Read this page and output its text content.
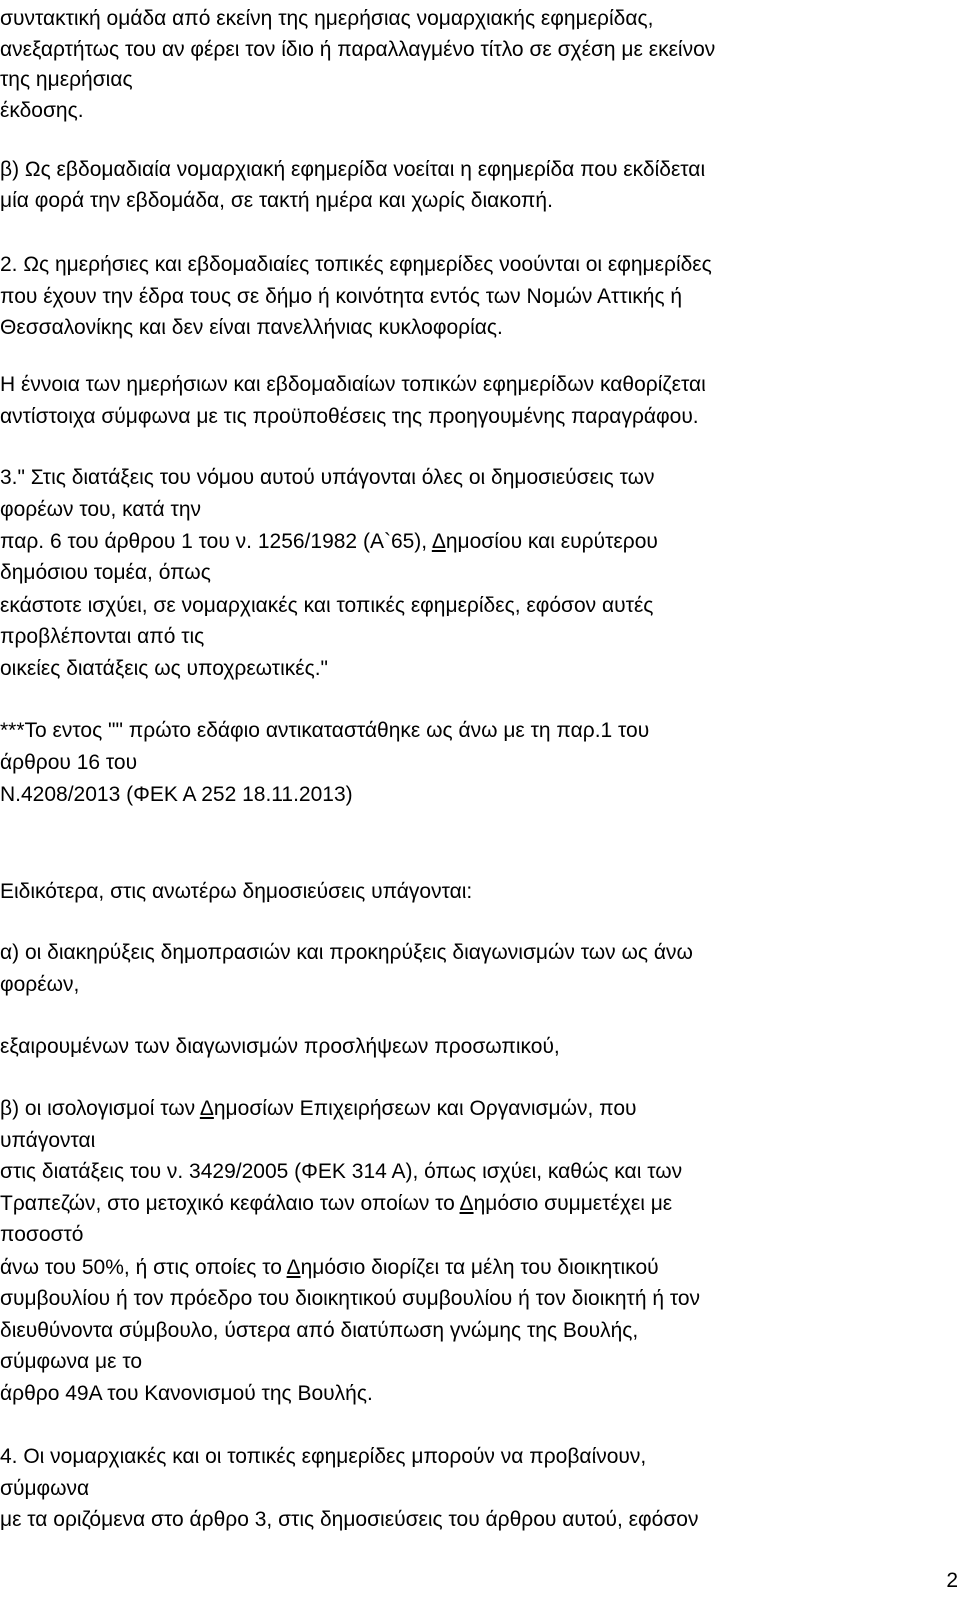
συντακτική ομάδα από εκείνη της ημερήσιας νομαρχιακής εφημερίδας,
ανεξαρτήτως του αν φέρει τον ίδιο ή παραλλαγμένο τίτλο σε σχέση με εκείνον
της ημερήσιας
έκδοσης.
β) Ως εβδομαδιαία νομαρχιακή εφημερίδα νοείται η εφημερίδα που εκδίδεται
μία φορά την εβδομάδα, σε τακτή ημέρα και χωρίς διακοπή.
2. Ως ημερήσιες και εβδομαδιαίες τοπικές εφημερίδες νοούνται οι εφημερίδες
που έχουν την έδρα τους σε δήμο ή κοινότητα εντός των Νομών Αττικής ή
Θεσσαλονίκης και δεν είναι πανελλήνιας κυκλοφορίας.
Η έννοια των ημερήσιων και εβδομαδιαίων τοπικών εφημερίδων καθορίζεται
αντίστοιχα σύμφωνα με τις προϋποθέσεις της προηγουμένης παραγράφου.
3." Στις διατάξεις του νόμου αυτού υπάγονται όλες οι δημοσιεύσεις των
φορέων του, κατά την
παρ. 6 του άρθρου 1 του ν. 1256/1982 (Α`65), Δημοσίου και ευρύτερου
δημόσιου τομέα, όπως
εκάστοτε ισχύει, σε νομαρχιακές και τοπικές εφημερίδες, εφόσον αυτές
προβλέπονται από τις
οικείες διατάξεις ως υποχρεωτικές."
***Το εντος "" πρώτο εδάφιο αντικαταστάθηκε ως άνω με τη παρ.1 του
άρθρου 16 του
Ν.4208/2013 (ΦΕΚ Α 252 18.11.2013)
Ειδικότερα, στις ανωτέρω δημοσιεύσεις υπάγονται:
α) οι διακηρύξεις δημοπρασιών και προκηρύξεις διαγωνισμών των ως άνω
φορέων,
εξαιρουμένων των διαγωνισμών προσλήψεων προσωπικού,
β) οι ισολογισμοί των Δημοσίων Επιχειρήσεων και Οργανισμών, που
υπάγονται
στις διατάξεις του ν. 3429/2005 (ΦΕΚ 314 Α), όπως ισχύει, καθώς και των
Τραπεζών, στο μετοχικό κεφάλαιο των οποίων το Δημόσιο συμμετέχει με
ποσοστό
άνω του 50%, ή στις οποίες το Δημόσιο διορίζει τα μέλη του διοικητικού
συμβουλίου ή τον πρόεδρο του διοικητικού συμβουλίου ή τον διοικητή ή τον
διευθύνοντα σύμβουλο, ύστερα από διατύπωση γνώμης της Βουλής,
σύμφωνα με το
άρθρο 49Α του Κανονισμού της Βουλής.
4. Οι νομαρχιακές και οι τοπικές εφημερίδες μπορούν να προβαίνουν,
σύμφωνα
με τα οριζόμενα στο άρθρο 3, στις δημοσιεύσεις του άρθρου αυτού, εφόσον
2
